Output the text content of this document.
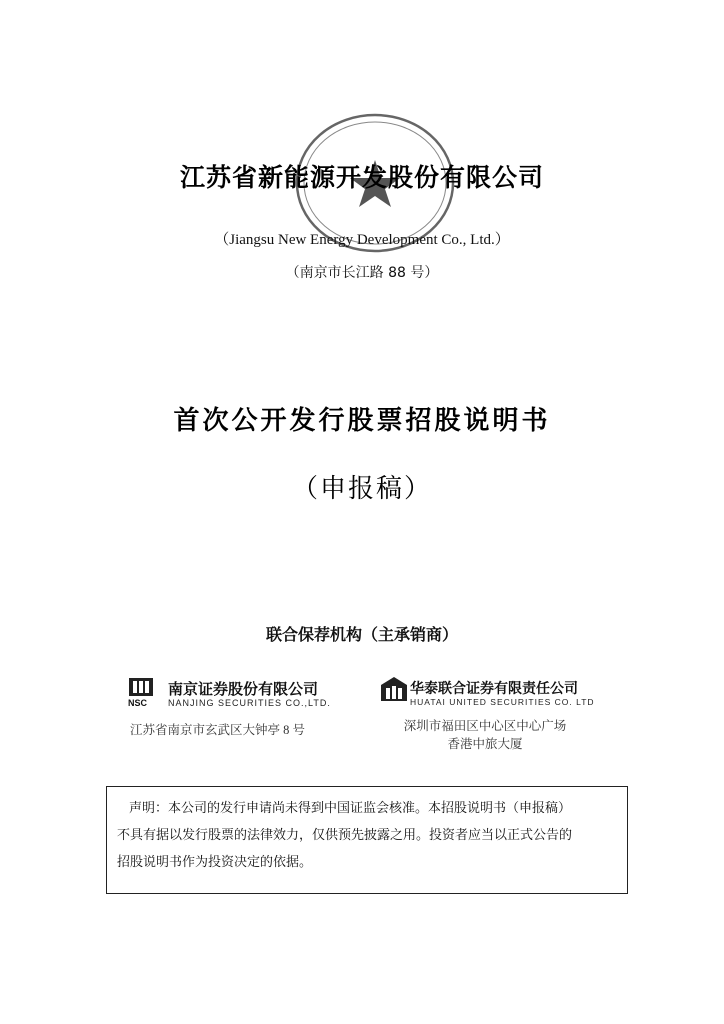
江苏省新能源开发股份有限公司
（Jiangsu New Energy Development Co., Ltd.）
（南京市长江路 88 号）
首次公开发行股票招股说明书
（申报稿）
联合保荐机构（主承销商）
南京证券股份有限公司
NSC NANJING SECURITIES CO.,LTD.
江苏省南京市玄武区大钟亭 8 号
华泰联合证券有限责任公司
HUATAI UNITED SECURITIES CO. LTD
深圳市福田区中心区中心广场
香港中旅大厦
声明：本公司的发行申请尚未得到中国证监会核准。本招股说明书（申报稿）
不具有据以发行股票的法律效力，仅供预先披露之用。投资者应当以正式公告的
招股说明书作为投资决定的依据。
